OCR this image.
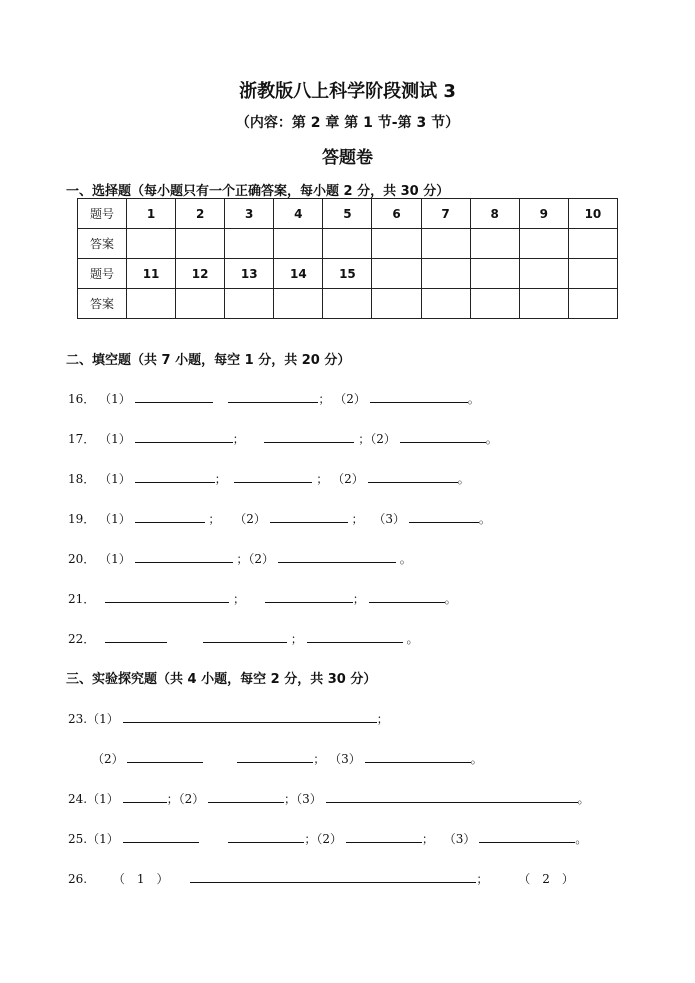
浙教版八上科学阶段测试 3
（内容：第 2 章 第 1 节-第 3 节）
答题卷
一、选择题（每小题只有一个正确答案，每小题 2 分，共 30 分）
题号	1	2	3	4	5	6	7	8	9	10
答案										
题号	11	12	13	14	15					
答案										
二、填空题（共 7 小题，每空 1 分，共 20 分）
16． （1）	； （2）	。
17． （1）	；	；（2）	。
18． （1）	；	； （2）	。
19． （1）	； （2）	； （3）	。
20． （1）	；（2）	。
21．	；	；	。
22．	；	。
三、实验探究题（共 4 小题，每空 2 分，共 30 分）
23.（1）	；
（2）	； （3）	。
24.（1）	；（2）	；（3）	。
25.（1）	；（2）	； （3）	。
26. （　1　）	； （　2　）
